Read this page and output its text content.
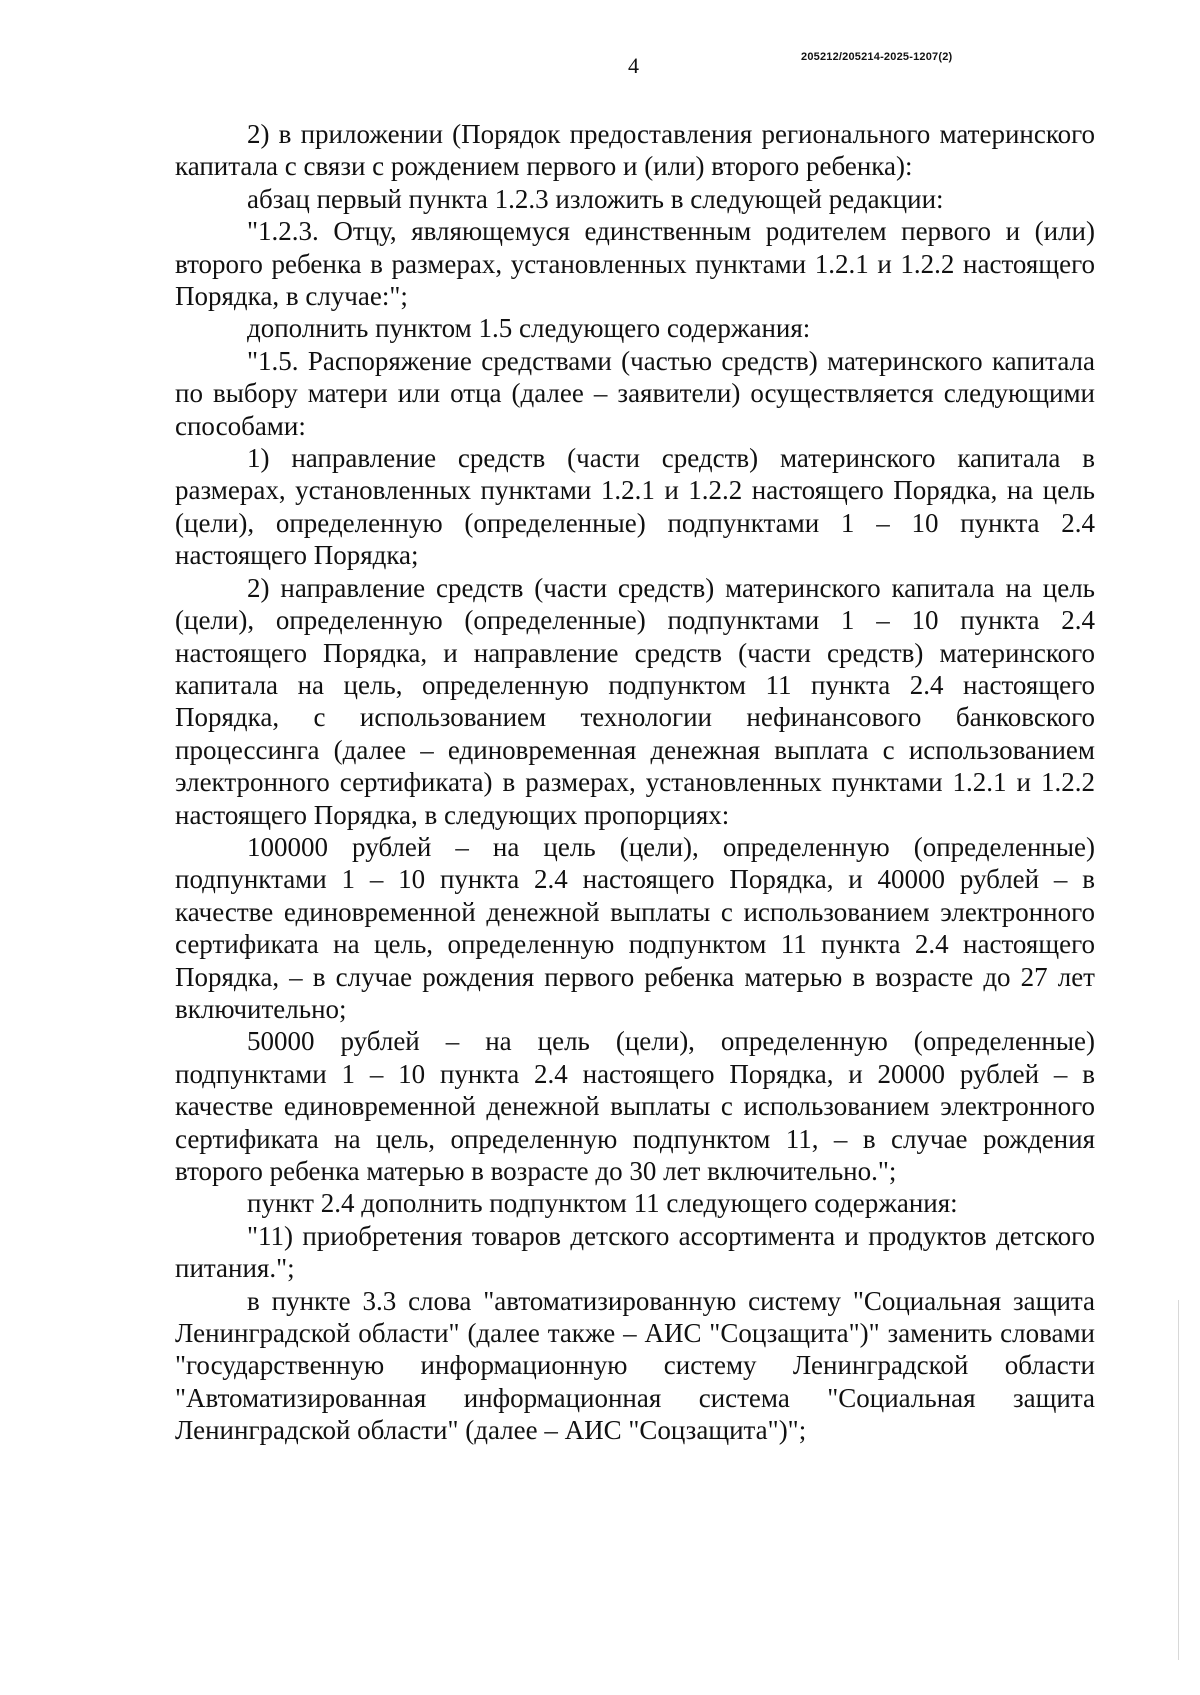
4	205212/205214-2025-1207(2)

2) в приложении (Порядок предоставления регионального материнского капитала с связи с рождением первого и (или) второго ребенка):

абзац первый пункта 1.2.3 изложить в следующей редакции:

"1.2.3. Отцу, являющемуся единственным родителем первого и (или) второго ребенка в размерах, установленных пунктами 1.2.1 и 1.2.2 настоящего Порядка, в случае:";

дополнить пунктом 1.5 следующего содержания:

"1.5. Распоряжение средствами (частью средств) материнского капитала по выбору матери или отца (далее – заявители) осуществляется следующими способами:

1) направление средств (части средств) материнского капитала в размерах, установленных пунктами 1.2.1 и 1.2.2 настоящего Порядка, на цель (цели), определенную (определенные) подпунктами 1 – 10 пункта 2.4 настоящего Порядка;

2) направление средств (части средств) материнского капитала на цель (цели), определенную (определенные) подпунктами 1 – 10 пункта 2.4 настоящего Порядка, и направление средств (части средств) материнского капитала на цель, определенную подпунктом 11 пункта 2.4 настоящего Порядка, с использованием технологии нефинансового банковского процессинга (далее – единовременная денежная выплата с использованием электронного сертификата) в размерах, установленных пунктами 1.2.1 и 1.2.2 настоящего Порядка, в следующих пропорциях:

100000 рублей – на цель (цели), определенную (определенные) подпунктами 1 – 10 пункта 2.4 настоящего Порядка, и 40000 рублей – в качестве единовременной денежной выплаты с использованием электронного сертификата на цель, определенную подпунктом 11 пункта 2.4 настоящего Порядка, – в случае рождения первого ребенка матерью в возрасте до 27 лет включительно;

50000 рублей – на цель (цели), определенную (определенные) подпунктами 1 – 10 пункта 2.4 настоящего Порядка, и 20000 рублей – в качестве единовременной денежной выплаты с использованием электронного сертификата на цель, определенную подпунктом 11, – в случае рождения второго ребенка матерью в возрасте до 30 лет включительно.";

пункт 2.4 дополнить подпунктом 11 следующего содержания:

"11) приобретения товаров детского ассортимента и продуктов детского питания.";

в пункте 3.3 слова "автоматизированную систему "Социальная защита Ленинградской области" (далее также – АИС "Соцзащита")" заменить словами "государственную информационную систему Ленинградской области "Автоматизированная информационная система "Социальная защита Ленинградской области" (далее – АИС "Соцзащита")";
